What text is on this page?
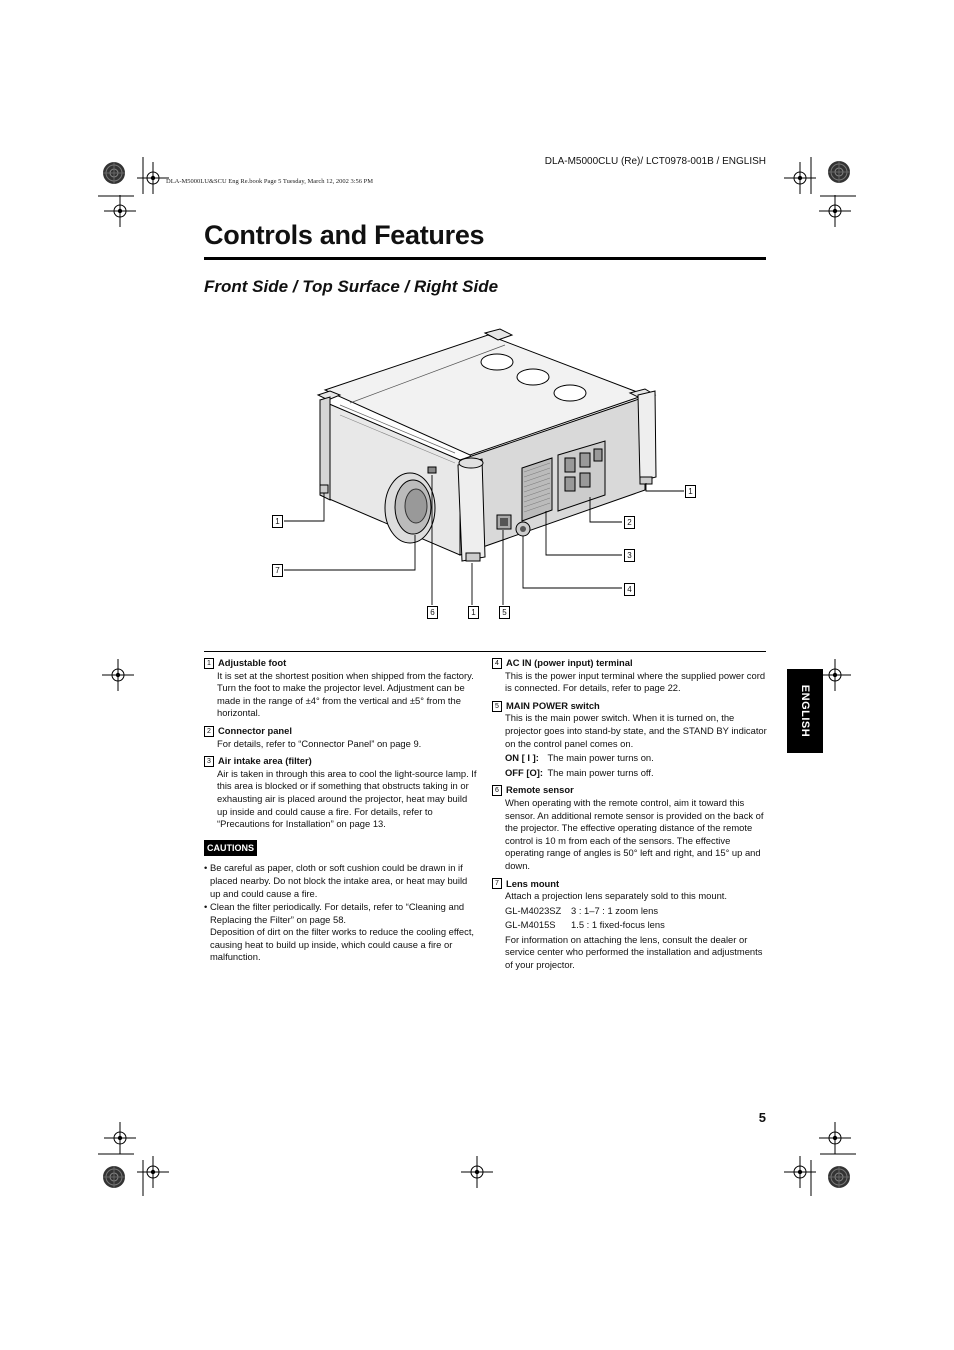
DLA-M5000CLU (Re)/ LCT0978-001B / ENGLISH
DLA-M5000LU&SCU Eng Re.book Page 5 Tuesday, March 12, 2002 3:56 PM
Controls and Features
Front Side / Top Surface / Right Side
1
1
7
2
3
4
6	1	5
1 Adjustable foot
It is set at the shortest position when shipped from the factory. Turn the foot to make the projector level. Adjustment can be made in the range of ±4° from the vertical and ±5° from the horizontal.
2 Connector panel
For details, refer to “Connector Panel” on page 9.
3 Air intake area (filter)
Air is taken in through this area to cool the light-source lamp. If this area is blocked or if something that obstructs taking in or exhausting air is placed around the projector, heat may build up inside and could cause a fire. For details, refer to “Precautions for Installation” on page 13.
CAUTIONS
• Be careful as paper, cloth or soft cushion could be drawn in if placed nearby. Do not block the intake area, or heat may build up and could cause a fire.
• Clean the filter periodically. For details, refer to “Cleaning and Replacing the Filter” on page 58.
Deposition of dirt on the filter works to reduce the cooling effect, causing heat to build up inside, which could cause a fire or malfunction.
4 AC IN (power input) terminal
This is the power input terminal where the supplied power cord is connected. For details, refer to page 22.
5 MAIN POWER switch
This is the main power switch. When it is turned on, the projector goes into stand-by state, and the STAND BY indicator on the control panel comes on.
ON [ I ]: The main power turns on.
OFF [O]: The main power turns off.
6 Remote sensor
When operating with the remote control, aim it toward this sensor. An additional remote sensor is provided on the back of the projector. The effective operating distance of the remote control is 10 m from each of the sensors. The effective operating range of angles is 50° left and right, and 15° up and down.
7 Lens mount
Attach a projection lens separately sold to this mount.
GL-M4023SZ 3 : 1–7 : 1 zoom lens
GL-M4015S 1.5 : 1 fixed-focus lens
For information on attaching the lens, consult the dealer or service center who performed the installation and adjustments of your projector.
ENGLISH
5
